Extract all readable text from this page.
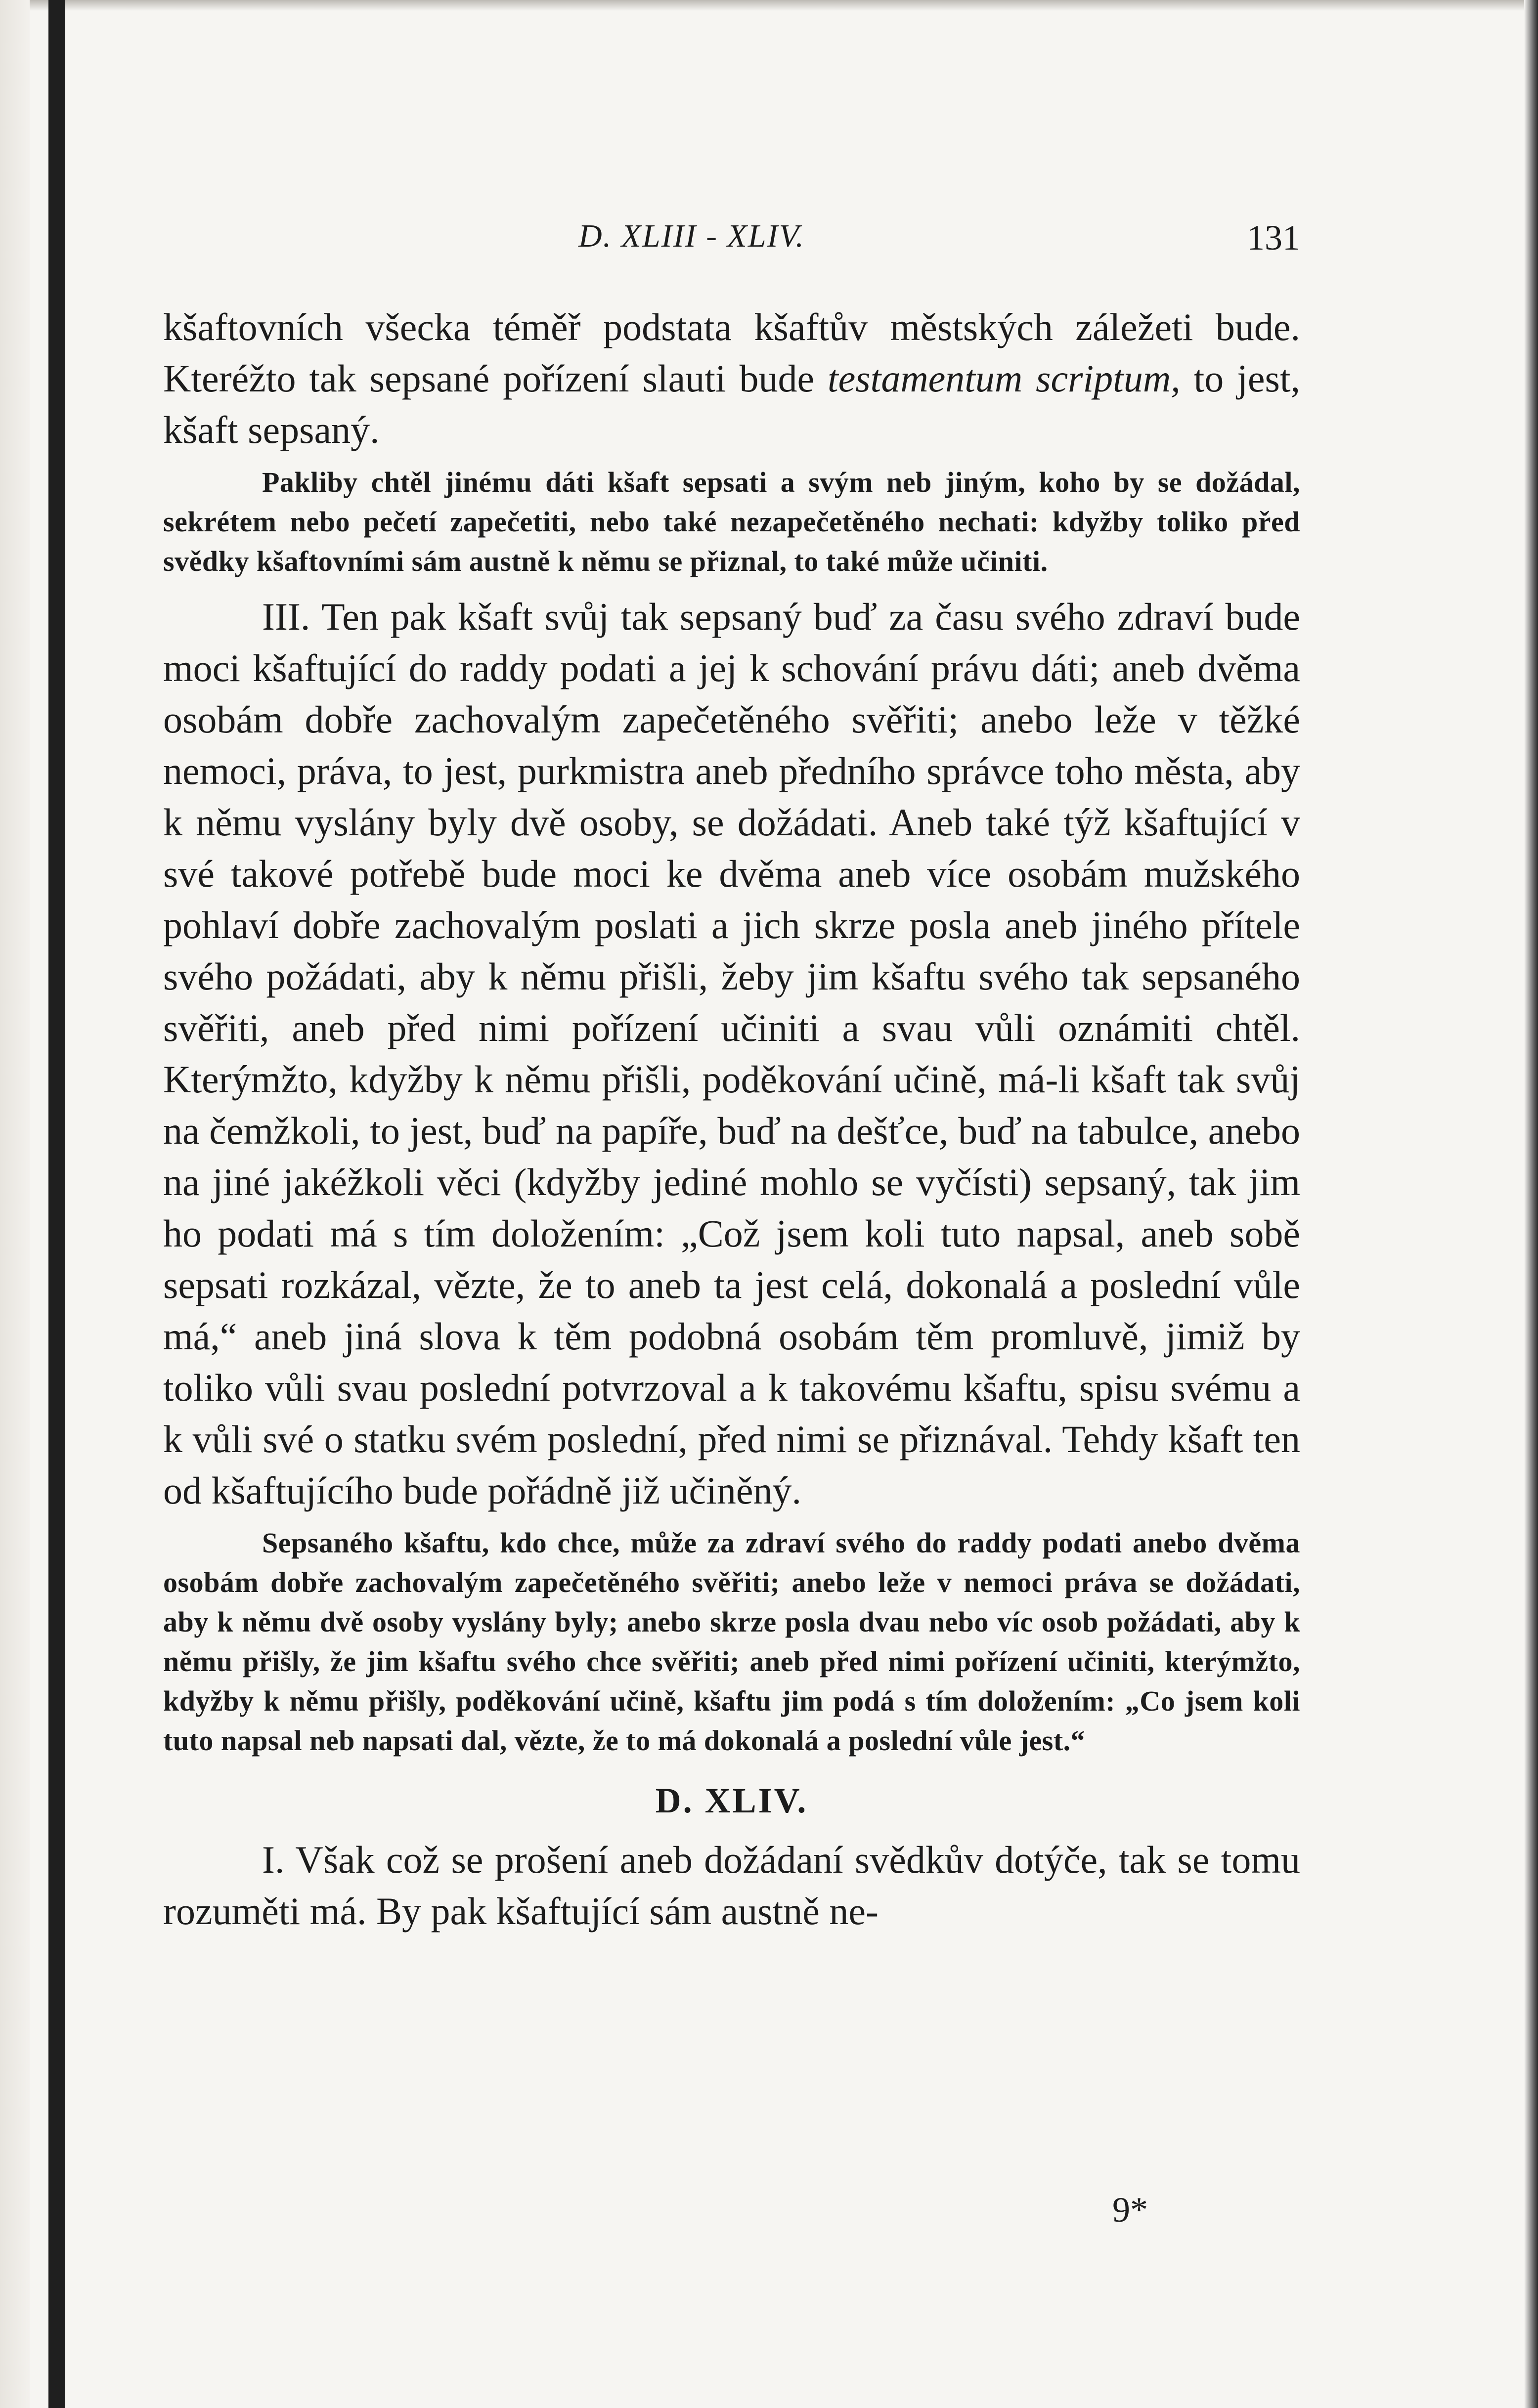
D. XLIII - XLIV.	131

kšaftovních všecka téměř podstata kšaftův městských záležeti bude. Kteréžto tak sepsané pořízení slauti bude testamentum scriptum, to jest, kšaft sepsaný.

Pakliby chtěl jinému dáti kšaft sepsati a svým neb jiným, koho by se dožádal, sekrétem nebo pečetí zapečetiti, nebo také nezapečetěného nechati: kdyžby toliko před svědky kšaftovními sám austně k němu se přiznal, to také může učiniti.

III. Ten pak kšaft svůj tak sepsaný buď za času svého zdraví bude moci kšaftující do raddy podati a jej k schování právu dáti; aneb dvěma osobám dobře zachovalým zapečetěného svěřiti; anebo leže v těžké nemoci, práva, to jest, purkmistra aneb předního správce toho města, aby k němu vyslány byly dvě osoby, se dožádati. Aneb také týž kšaftující v své takové potřebě bude moci ke dvěma aneb více osobám mužského pohlaví dobře zachovalým poslati a jich skrze posla aneb jiného přítele svého požádati, aby k němu přišli, žeby jim kšaftu svého tak sepsaného svěřiti, aneb před nimi pořízení učiniti a svau vůli oznámiti chtěl. Kterýmžto, kdyžby k němu přišli, poděkování učině, má-li kšaft tak svůj na čemžkoli, to jest, buď na papíře, buď na dešťce, buď na tabulce, anebo na jiné jakéžkoli věci (kdyžby jediné mohlo se vyčísti) sepsaný, tak jim ho podati má s tím doložením: „Což jsem koli tuto napsal, aneb sobě sepsati rozkázal, vězte, že to aneb ta jest celá, dokonalá a poslední vůle má,“ aneb jiná slova k těm podobná osobám těm promluvě, jimiž by toliko vůli svau poslední potvrzoval a k takovému kšaftu, spisu svému a k vůli své o statku svém poslední, před nimi se přiznával. Tehdy kšaft ten od kšaftujícího bude pořádně již učiněný.

Sepsaného kšaftu, kdo chce, může za zdraví svého do raddy podati anebo dvěma osobám dobře zachovalým zapečetěného svěřiti; anebo leže v nemoci práva se dožádati, aby k němu dvě osoby vyslány byly; anebo skrze posla dvau nebo víc osob požádati, aby k němu přišly, že jim kšaftu svého chce svěřiti; aneb před nimi pořízení učiniti, kterýmžto, kdyžby k němu přišly, poděkování učině, kšaftu jim podá s tím doložením: „Co jsem koli tuto napsal neb napsati dal, vězte, že to má dokonalá a poslední vůle jest.“

D. XLIV.

I. Však což se prošení aneb dožádaní svědkův dotýče, tak se tomu rozuměti má. By pak kšaftující sám austně ne-

9*
